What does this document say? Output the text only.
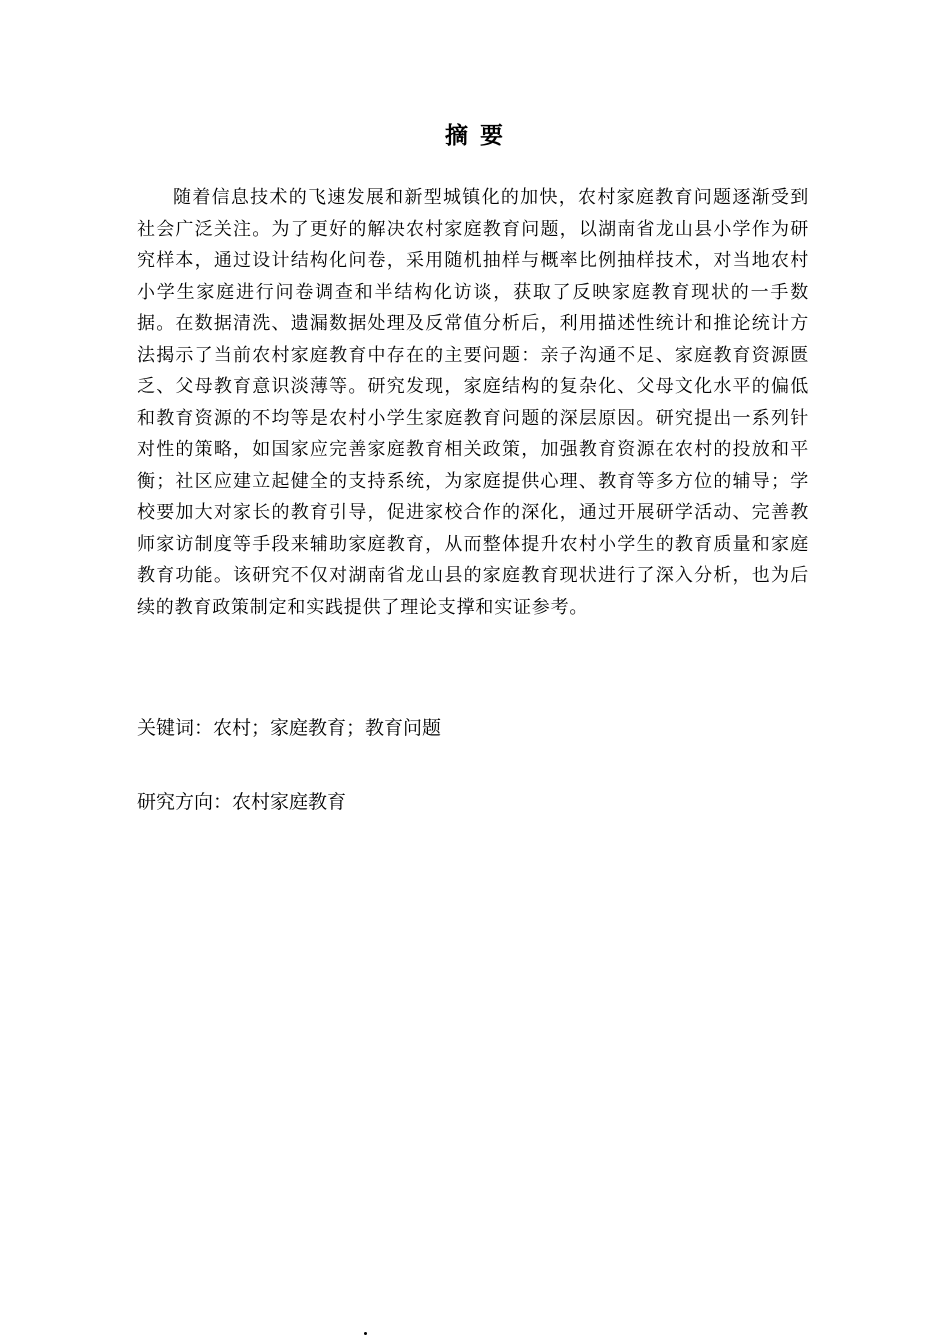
摘 要

随着信息技术的飞速发展和新型城镇化的加快，农村家庭教育问题逐渐受到社会广泛关注。为了更好的解决农村家庭教育问题，以湖南省龙山县小学作为研究样本，通过设计结构化问卷，采用随机抽样与概率比例抽样技术，对当地农村小学生家庭进行问卷调查和半结构化访谈，获取了反映家庭教育现状的一手数据。在数据清洗、遗漏数据处理及反常值分析后，利用描述性统计和推论统计方法揭示了当前农村家庭教育中存在的主要问题：亲子沟通不足、家庭教育资源匮乏、父母教育意识淡薄等。研究发现，家庭结构的复杂化、父母文化水平的偏低和教育资源的不均等是农村小学生家庭教育问题的深层原因。研究提出一系列针对性的策略，如国家应完善家庭教育相关政策，加强教育资源在农村的投放和平衡；社区应建立起健全的支持系统，为家庭提供心理、教育等多方位的辅导；学校要加大对家长的教育引导，促进家校合作的深化，通过开展研学活动、完善教师家访制度等手段来辅助家庭教育，从而整体提升农村小学生的教育质量和家庭教育功能。该研究不仅对湖南省龙山县的家庭教育现状进行了深入分析，也为后续的教育政策制定和实践提供了理论支撑和实证参考。

关键词：农村；家庭教育；教育问题
研究方向：农村家庭教育
